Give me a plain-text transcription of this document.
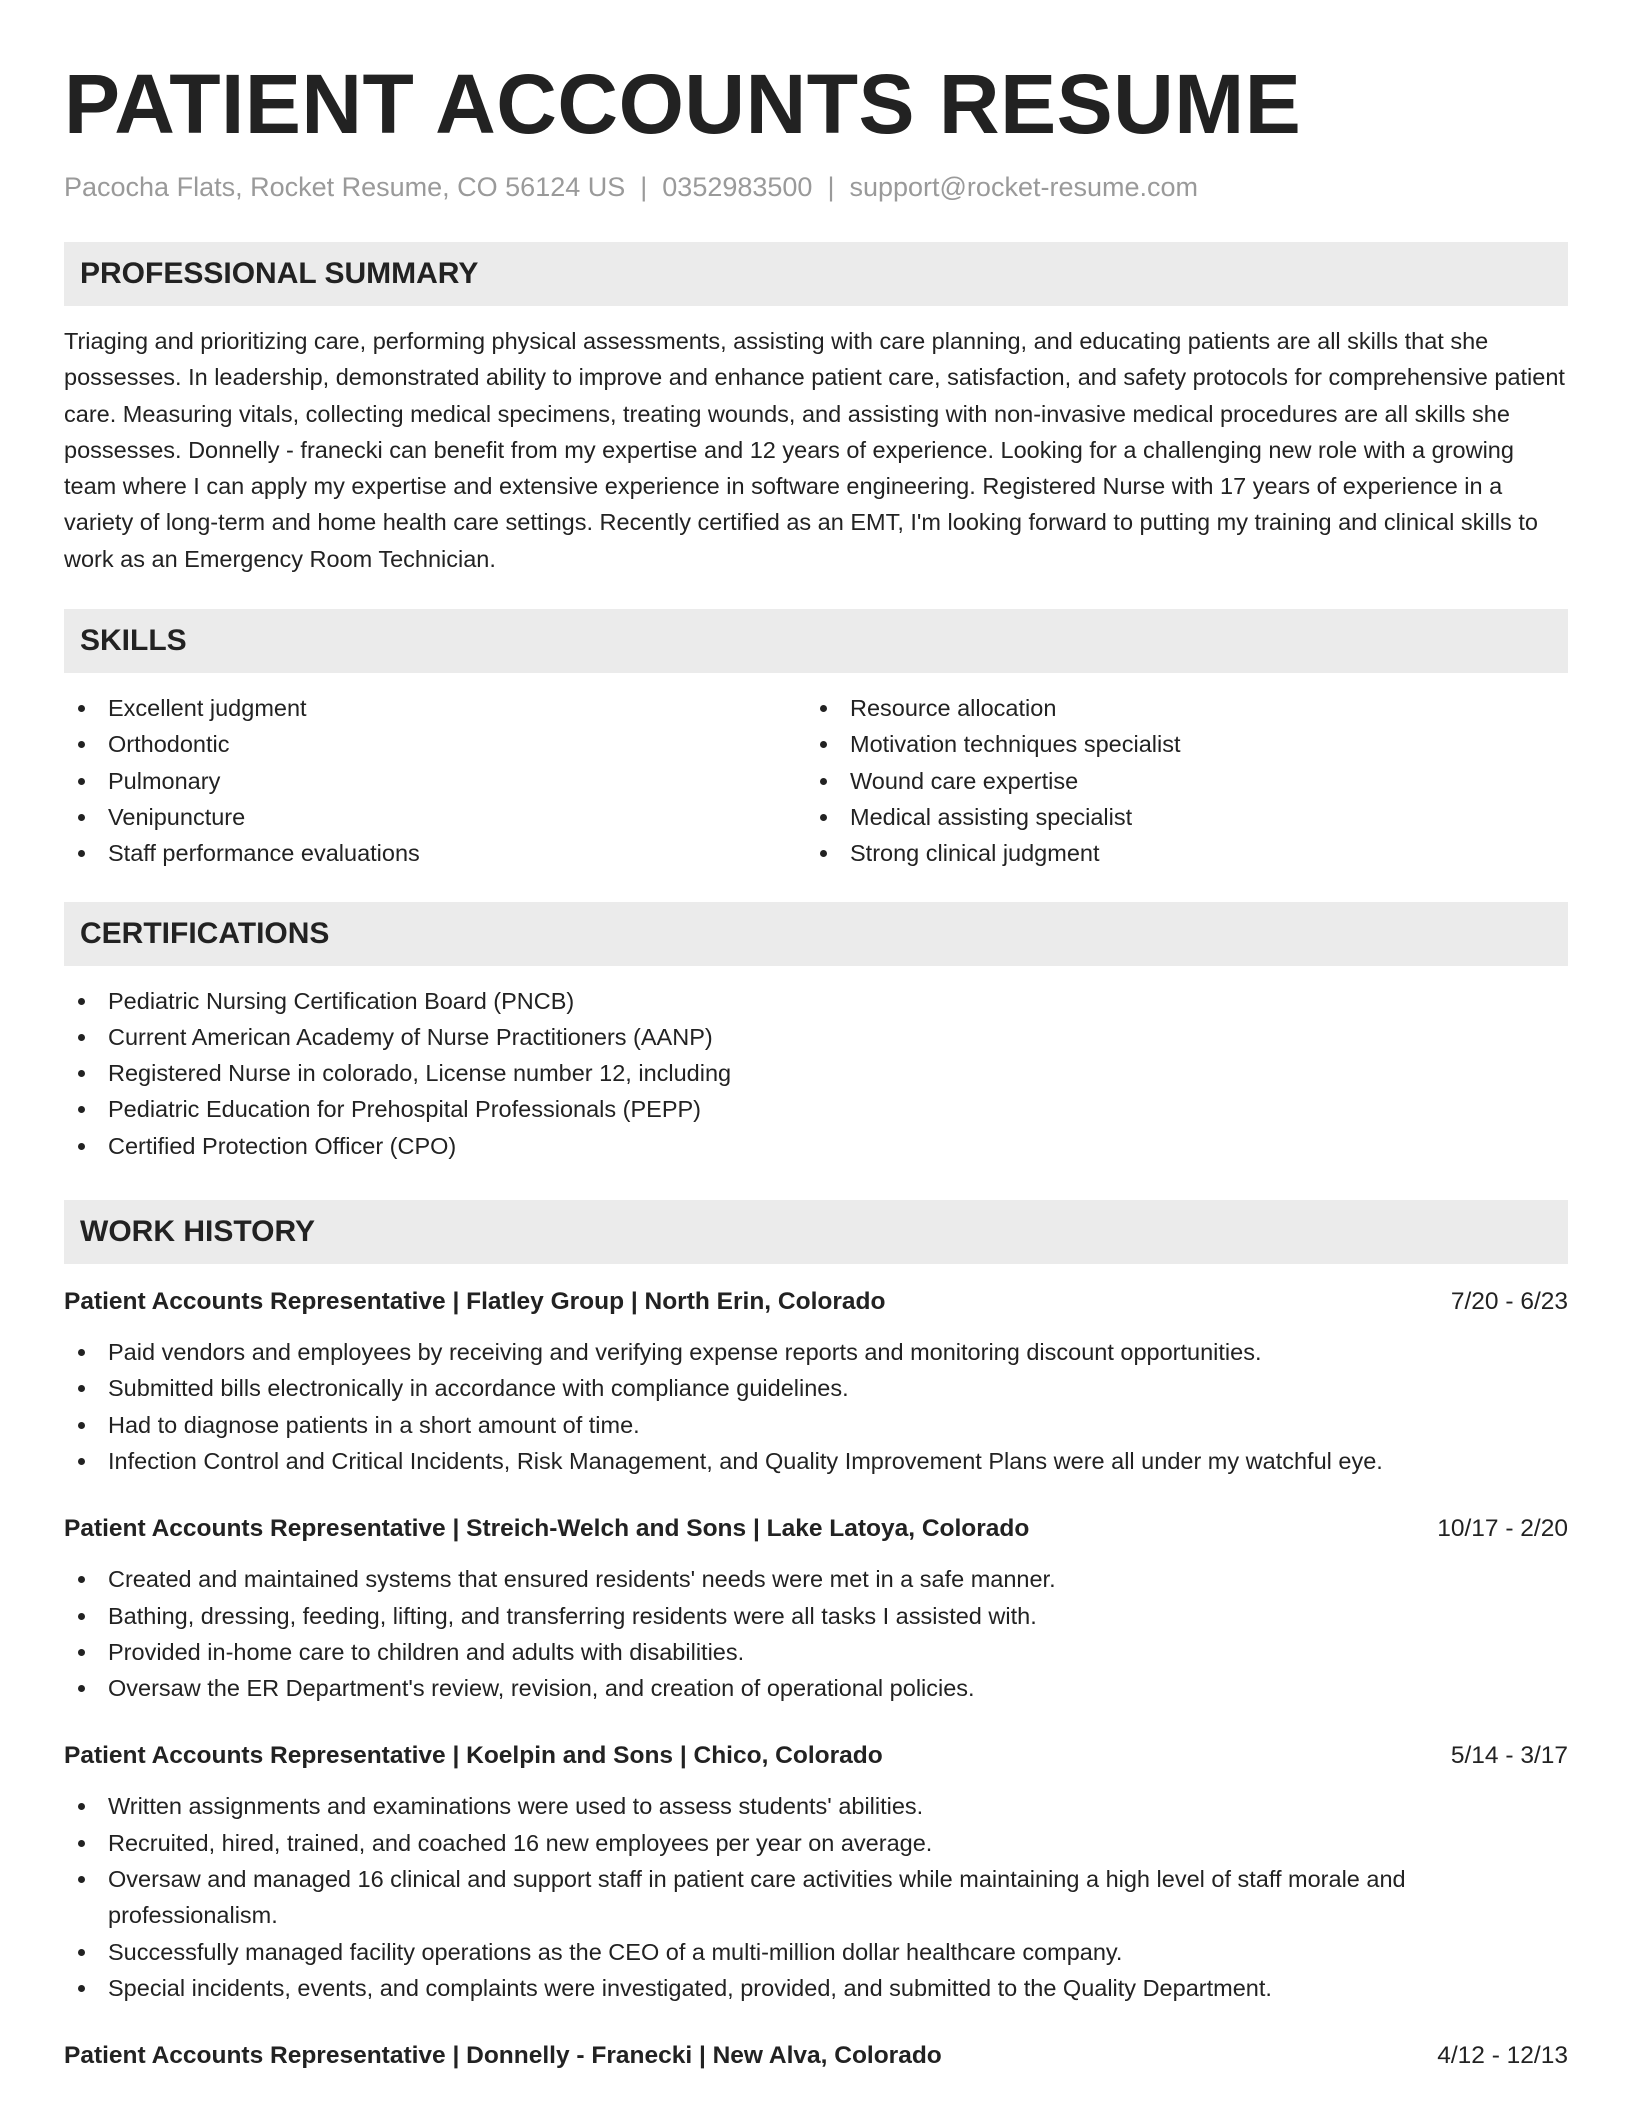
PATIENT ACCOUNTS RESUME
Pacocha Flats, Rocket Resume, CO 56124 US | 0352983500 | support@rocket-resume.com
PROFESSIONAL SUMMARY

Triaging and prioritizing care, performing physical assessments, assisting with care planning, and educating patients are all skills that she possesses. In leadership, demonstrated ability to improve and enhance patient care, satisfaction, and safety protocols for comprehensive patient care. Measuring vitals, collecting medical specimens, treating wounds, and assisting with non-invasive medical procedures are all skills she possesses. Donnelly - franecki can benefit from my expertise and 12 years of experience. Looking for a challenging new role with a growing team where I can apply my expertise and extensive experience in software engineering. Registered Nurse with 17 years of experience in a variety of long-term and home health care settings. Recently certified as an EMT, I'm looking forward to putting my training and clinical skills to work as an Emergency Room Technician.

SKILLS
Excellent judgment
Orthodontic
Pulmonary
Venipuncture
Staff performance evaluations
Resource allocation
Motivation techniques specialist
Wound care expertise
Medical assisting specialist
Strong clinical judgment
CERTIFICATIONS
Pediatric Nursing Certification Board (PNCB)
Current American Academy of Nurse Practitioners (AANP)
Registered Nurse in colorado, License number 12, including
Pediatric Education for Prehospital Professionals (PEPP)
Certified Protection Officer (CPO)
WORK HISTORY
Patient Accounts Representative | Flatley Group | North Erin, Colorado	7/20 - 6/23
Paid vendors and employees by receiving and verifying expense reports and monitoring discount opportunities.
Submitted bills electronically in accordance with compliance guidelines.
Had to diagnose patients in a short amount of time.
Infection Control and Critical Incidents, Risk Management, and Quality Improvement Plans were all under my watchful eye.
Patient Accounts Representative | Streich-Welch and Sons | Lake Latoya, Colorado	10/17 - 2/20
Created and maintained systems that ensured residents' needs were met in a safe manner.
Bathing, dressing, feeding, lifting, and transferring residents were all tasks I assisted with.
Provided in-home care to children and adults with disabilities.
Oversaw the ER Department's review, revision, and creation of operational policies.
Patient Accounts Representative | Koelpin and Sons | Chico, Colorado	5/14 - 3/17
Written assignments and examinations were used to assess students' abilities.
Recruited, hired, trained, and coached 16 new employees per year on average.
Oversaw and managed 16 clinical and support staff in patient care activities while maintaining a high level of staff morale and professionalism.
Successfully managed facility operations as the CEO of a multi-million dollar healthcare company.
Special incidents, events, and complaints were investigated, provided, and submitted to the Quality Department.
Patient Accounts Representative | Donnelly - Franecki | New Alva, Colorado	4/12 - 12/13
